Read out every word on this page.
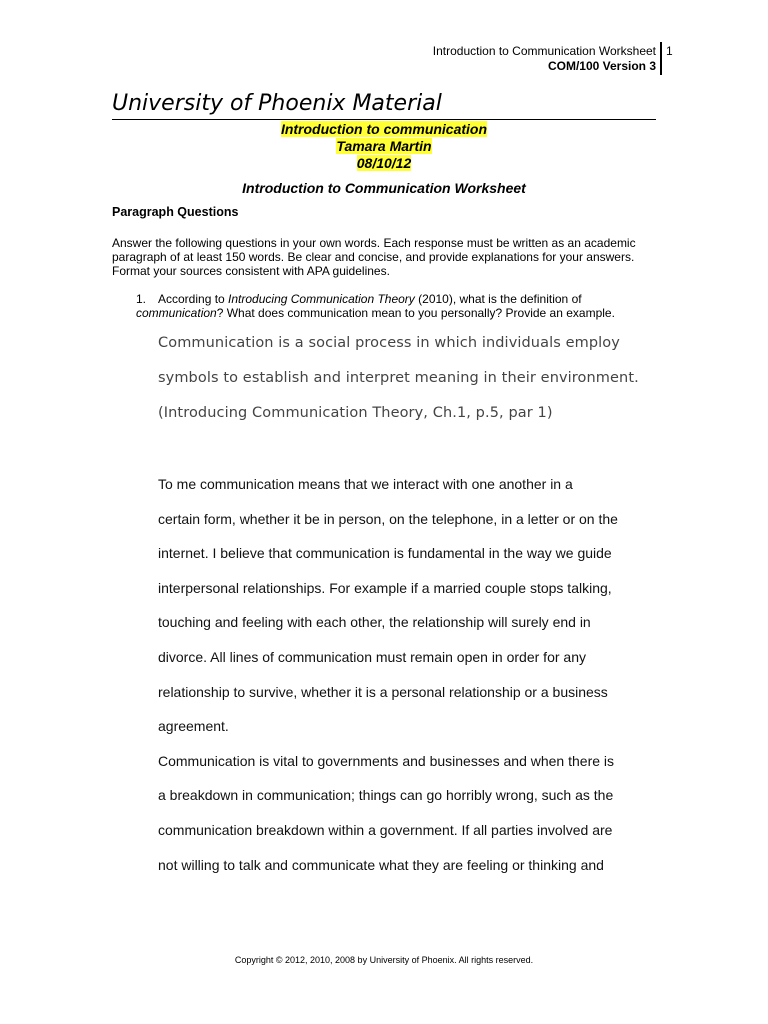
Introduction to Communication Worksheet
COM/100 Version 3
1
University of Phoenix Material

Introduction to communication

Tamara Martin

08/10/12

Introduction to Communication Worksheet

Paragraph Questions
Answer the following questions in your own words. Each response must be written as an academic paragraph of at least 150 words. Be clear and concise, and provide explanations for your answers. Format your sources consistent with APA guidelines.
1. According to Introducing Communication Theory (2010), what is the definition of
communication? What does communication mean to you personally? Provide an example.

Communication is a social process in which individuals employ

symbols to establish and interpret meaning in their environment.

(Introducing Communication Theory, Ch.1, p.5, par 1)

To me communication means that we interact with one another in a

certain form, whether it be in person, on the telephone, in a letter or on the

internet. I believe that communication is fundamental in the way we guide

interpersonal relationships. For example if a married couple stops talking,

touching and feeling with each other, the relationship will surely end in

divorce. All lines of communication must remain open in order for any

relationship to survive, whether it is a personal relationship or a business

agreement.

Communication is vital to governments and businesses and when there is

a breakdown in communication; things can go horribly wrong, such as the

communication breakdown within a government. If all parties involved are

not willing to talk and communicate what they are feeling or thinking and

Copyright © 2012, 2010, 2008 by University of Phoenix. All rights reserved.
